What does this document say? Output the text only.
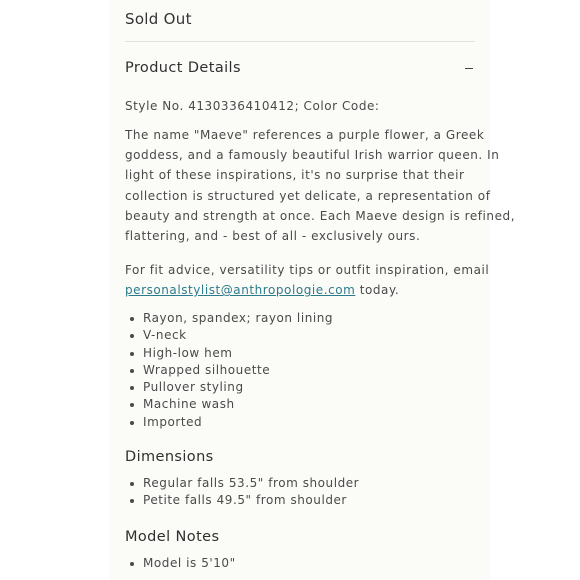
Sold Out
Product Details
Style No. 4130336410412; Color Code:
The name "Maeve" references a purple flower, a Greek
goddess, and a famously beautiful Irish warrior queen. In
light of these inspirations, it's no surprise that their
collection is structured yet delicate, a representation of
beauty and strength at once. Each Maeve design is refined,
flattering, and - best of all - exclusively ours.
For fit advice, versatility tips or outfit inspiration, email
personalstylist@anthropologie.com today.
Rayon, spandex; rayon lining
V-neck
High-low hem
Wrapped silhouette
Pullover styling
Machine wash
Imported
Dimensions
Regular falls 53.5" from shoulder
Petite falls 49.5" from shoulder
Model Notes
Model is 5'10"
